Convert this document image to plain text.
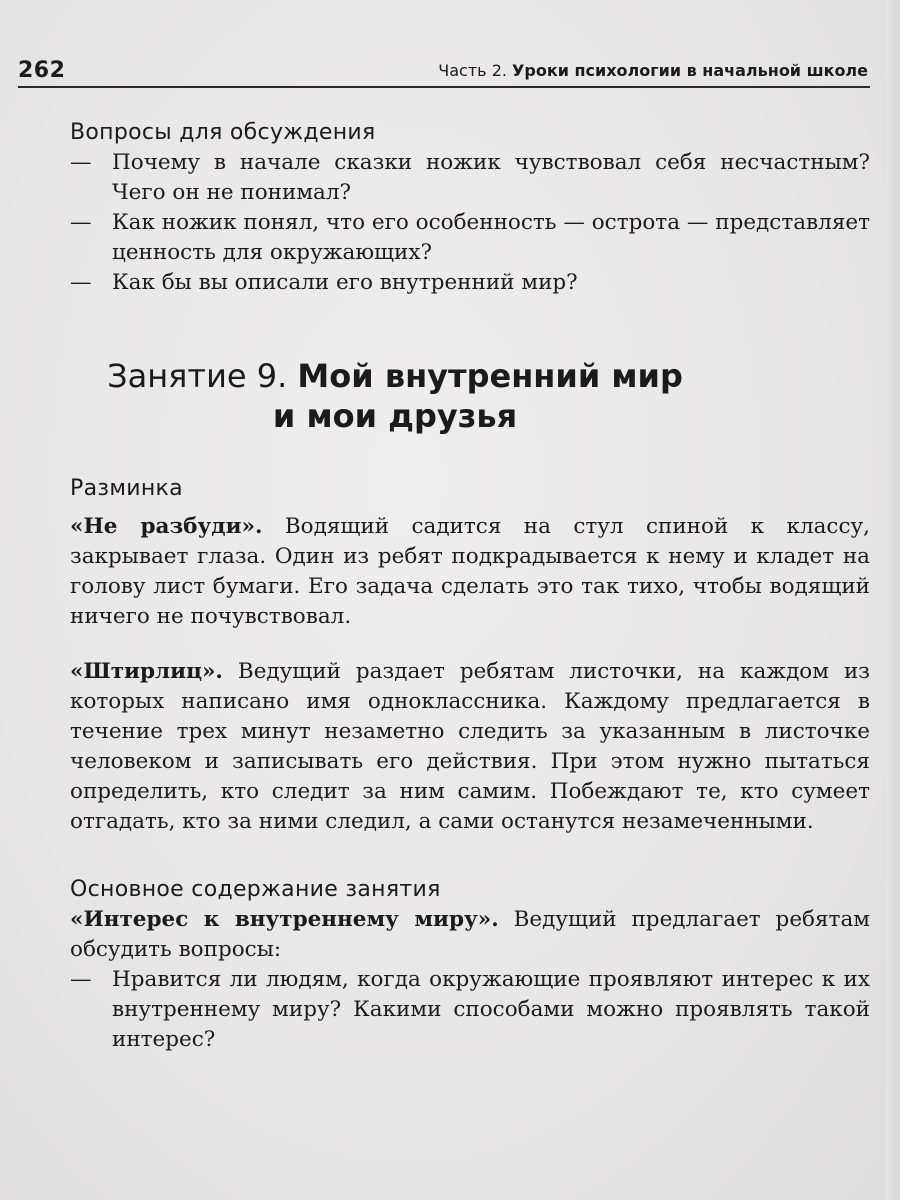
262	Часть 2. Уроки психологии в начальной школе
Вопросы для обсуждения
— Почему в начале сказки ножик чувствовал себя несчастным? Чего он не понимал?
— Как ножик понял, что его особенность — острота — представляет ценность для окружающих?
— Как бы вы описали его внутренний мир?
Занятие 9. Мой внутренний мир
и мои друзья
Разминка

«Не разбуди». Водящий садится на стул спиной к классу, закрывает глаза. Один из ребят подкрадывается к нему и кладет на голову лист бумаги. Его задача сделать это так тихо, чтобы водящий ничего не почувствовал.

«Штирлиц». Ведущий раздает ребятам листочки, на каждом из которых написано имя одноклассника. Каждому предлагается в течение трех минут незаметно следить за указанным в листочке человеком и записывать его действия. При этом нужно пытаться определить, кто следит за ним самим. Побеждают те, кто сумеет отгадать, кто за ними следил, а сами останутся незамеченными.

Основное содержание занятия

«Интерес к внутреннему миру». Ведущий предлагает ребятам обсудить вопросы:

— Нравится ли людям, когда окружающие проявляют интерес к их внутреннему миру? Какими способами можно проявлять такой интерес?
